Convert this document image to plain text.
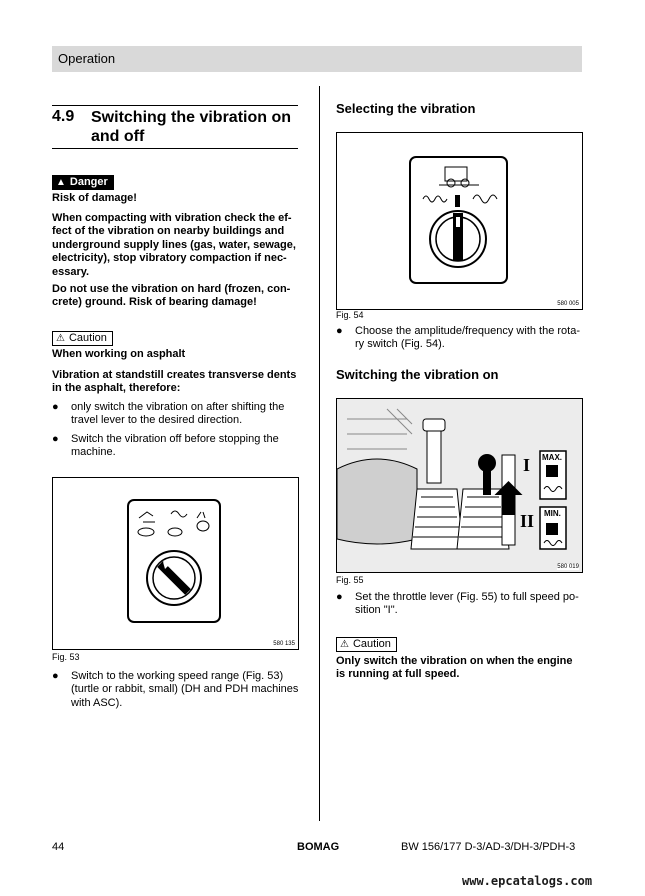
Operation
4.9 Switching the vibration on and off
▲ Danger
Risk of damage!
When compacting with vibration check the ef-
fect of the vibration on nearby buildings and
underground supply lines (gas, water, sewage,
electricity), stop vibratory compaction if nec-
essary.
Do not use the vibration on hard (frozen, con-
crete) ground. Risk of bearing damage!
⚠ Caution
When working on asphalt
Vibration at standstill creates transverse dents
in the asphalt, therefore:
● only switch the vibration on after shifting the
travel lever to the desired direction.
● Switch the vibration off before stopping the
machine.
580 135
Fig. 53
● Switch to the working speed range (Fig. 53)
(turtle or rabbit, small) (DH and PDH machines
with ASC).
Selecting the vibration
580 005
Fig. 54
● Choose the amplitude/frequency with the rota-
ry switch (Fig. 54).
Switching the vibration on
MAX.
MIN.
I
II
580 019
Fig. 55
● Set the throttle lever (Fig. 55) to full speed po-
sition "I".
⚠ Caution
Only switch the vibration on when the engine
is running at full speed.
44	BOMAG	BW 156/177 D-3/AD-3/DH-3/PDH-3
www.epcatalogs.com
